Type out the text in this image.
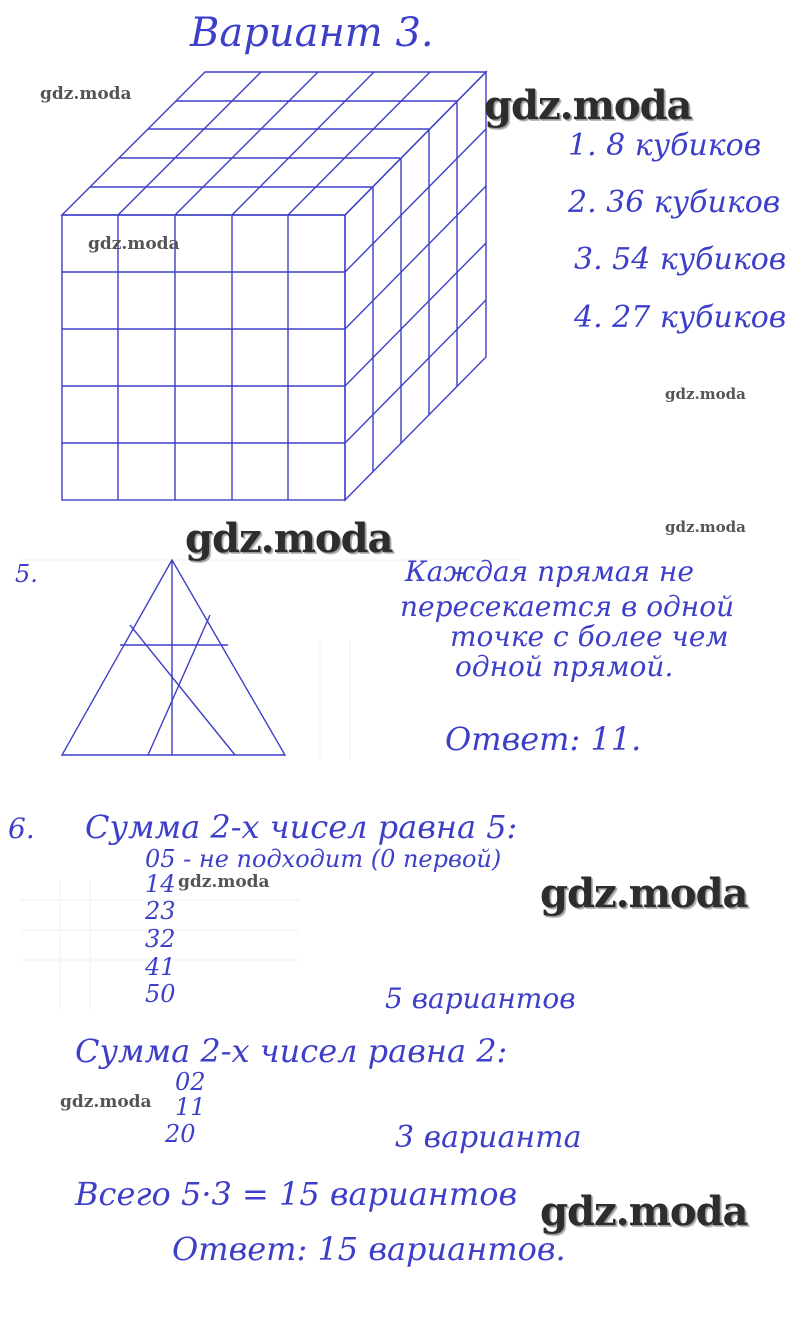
Вариант 3.
1. 8 кубиков
2. 36 кубиков
3. 54 кубиков
4. 27 кубиков
5.	Каждая прямая не
пересекается в одной
точке с более чем
одной прямой.
Ответ: 11.
6. Сумма 2-х чисел равна 5:
05 - не подходит (0 первой)
14
23
32
41
50	5 вариантов
Сумма 2-х чисел равна 2:
02
11
20	3 варианта
Всего 5·3 = 15 вариантов
Ответ: 15 вариантов.
gdz.moda	gdz.moda
gdz.moda
gdz.moda
gdz.moda	gdz.moda
gdz.moda	gdz.moda
gdz.moda
gdz.moda
